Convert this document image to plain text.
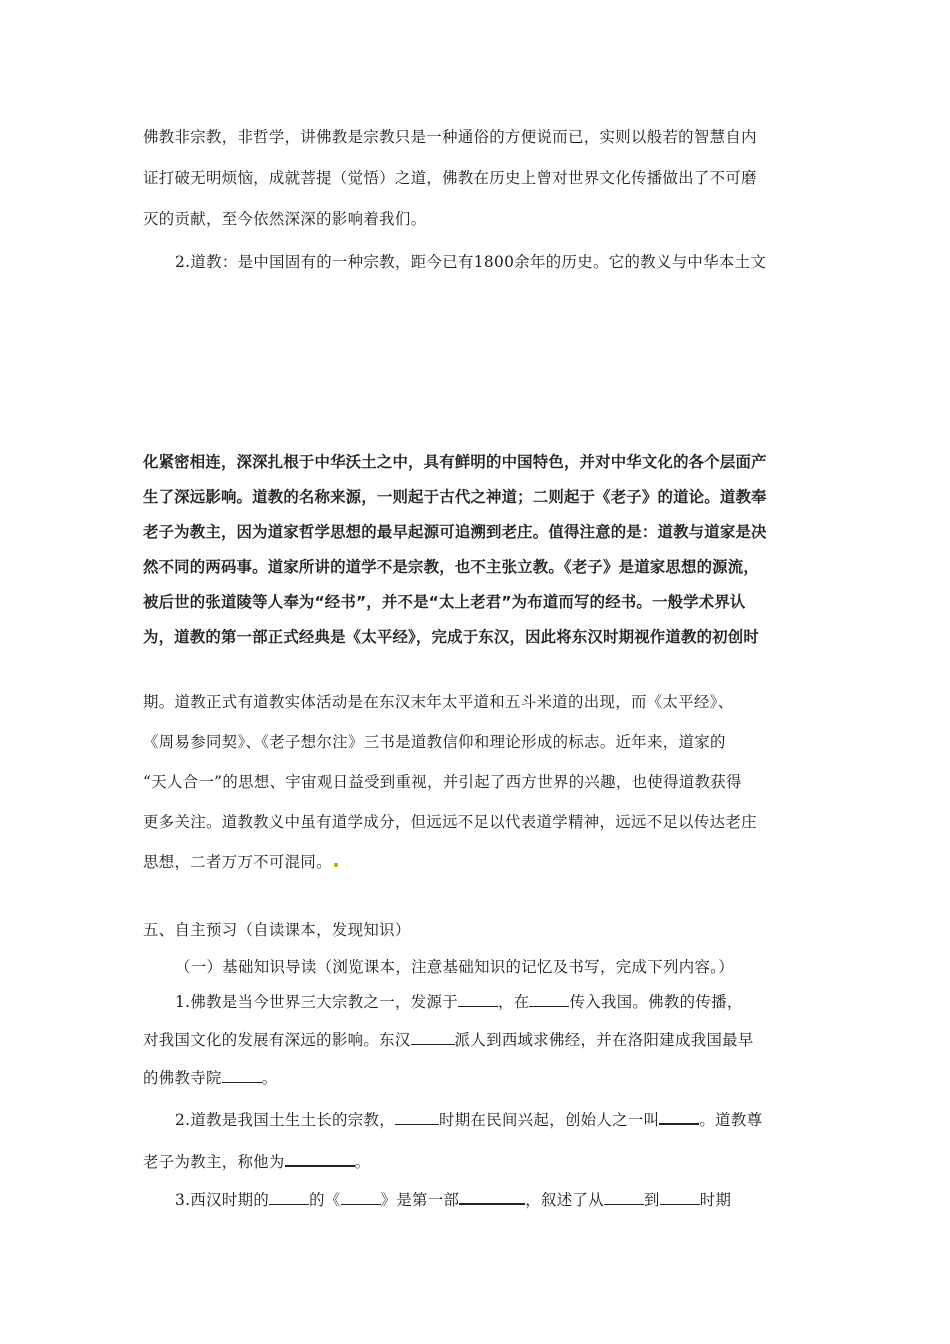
佛教非宗教，非哲学，讲佛教是宗教只是一种通俗的方便说而已，实则以般若的智慧自内
证打破无明烦恼，成就菩提（觉悟）之道，佛教在历史上曾对世界文化传播做出了不可磨
灭的贡献，至今依然深深的影响着我们。
2.道教：是中国固有的一种宗教，距今已有1800余年的历史。它的教义与中华本土文
化紧密相连，深深扎根于中华沃土之中，具有鲜明的中国特色，并对中华文化的各个层面产
生了深远影响。道教的名称来源，一则起于古代之神道；二则起于《老子》的道论。道教奉
老子为教主，因为道家哲学思想的最早起源可追溯到老庄。值得注意的是：道教与道家是决
然不同的两码事。道家所讲的道学不是宗教，也不主张立教。《老子》是道家思想的源流，
被后世的张道陵等人奉为“经书”，并不是“太上老君”为布道而写的经书。一般学术界认
为，道教的第一部正式经典是《太平经》，完成于东汉，因此将东汉时期视作道教的初创时
期。道教正式有道教实体活动是在东汉末年太平道和五斗米道的出现，而《太平经》、
《周易参同契》、《老子想尔注》三书是道教信仰和理论形成的标志。近年来，道家的
“天人合一”的思想、宇宙观日益受到重视，并引起了西方世界的兴趣，也使得道教获得
更多关注。道教教义中虽有道学成分，但远远不足以代表道学精神，远远不足以传达老庄
思想，二者万万不可混同。
五、自主预习（自读课本，发现知识）
（一）基础知识导读（浏览课本，注意基础知识的记忆及书写，完成下列内容。）
1.佛教是当今世界三大宗教之一，发源于	，在	传入我国。佛教的传播，
对我国文化的发展有深远的影响。东汉	派人到西域求佛经，并在洛阳建成我国最早
的佛教寺院	。
2.道教是我国土生土长的宗教，	时期在民间兴起，创始人之一叫	。道教尊
老子为教主，称他为	。
3.西汉时期的	的《	》是第一部	，叙述了从	到	时期
